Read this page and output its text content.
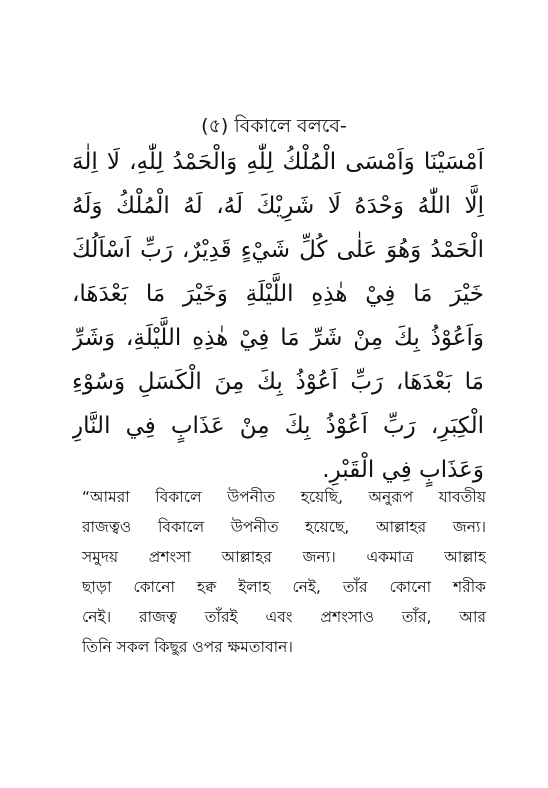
(৫) বিকালে বলবে-
اَمْسَيْنَا وَاَمْسَى الْمُلْكُ لِلّٰهِ وَالْحَمْدُ لِلّٰهِ، لَا اِلٰهَ
اِلَّا اللّٰهُ وَحْدَهُ لَا شَرِيْكَ لَهُ، لَهُ الْمُلْكُ وَلَهُ
الْحَمْدُ وَهُوَ عَلٰى كُلِّ شَيْءٍ قَدِيْرٌ، رَبِّ اَسْاَلُكَ
خَيْرَ مَا فِيْ هٰذِهِ اللَّيْلَةِ وَخَيْرَ مَا بَعْدَهَا،
وَاَعُوْذُ بِكَ مِنْ شَرِّ مَا فِيْ هٰذِهِ اللَّيْلَةِ، وَشَرِّ
مَا بَعْدَهَا، رَبِّ اَعُوْذُ بِكَ مِنَ الْكَسَلِ وَسُوْءِ
الْكِبَرِ، رَبِّ اَعُوْذُ بِكَ مِنْ عَذَابٍ فِي النَّارِ
وَعَذَابٍ فِي الْقَبْرِ.
“আমরা বিকালে উপনীত হয়েছি, অনুরূপ যাবতীয়
রাজত্বও বিকালে উপনীত হয়েছে, আল্লাহর জন্য।
সমুদয় প্রশংসা আল্লাহর জন্য। একমাত্র আল্লাহ
ছাড়া কোনো হক্ব ইলাহ নেই, তাঁর কোনো শরীক
নেই। রাজত্ব তাঁরই এবং প্রশংসাও তাঁর, আর
তিনি সকল কিছুর ওপর ক্ষমতাবান।
